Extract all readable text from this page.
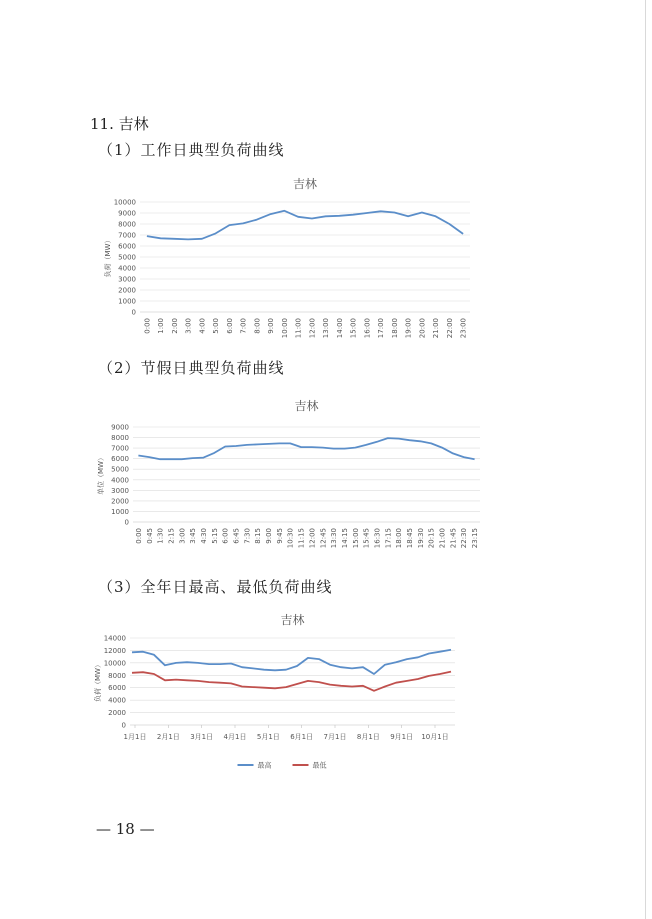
11. 吉林
（1）工作日典型负荷曲线
吉林
0
1000
2000
3000
4000
5000
6000
7000
8000
9000
10000
负荷（MW）
0:00 1:00 2:00 3:00 4:00 5:00 6:00 7:00 8:00 9:00 10:00 11:00 12:00 13:00 14:00 15:00 16:00 17:00 18:00 19:00 20:00 21:00 22:00 23:00
（2）节假日典型负荷曲线
吉林
0
1000
2000
3000
4000
5000
6000
7000
8000
9000
单位（MW）
0:00 0:45 1:30 2:15 3:00 3:45 4:30 5:15 6:00 6:45 7:30 8:15 9:00 9:45 10:30 11:15 12:00 12:45 13:30 14:15 15:00 15:45 16:30 17:15 18:00 18:45 19:30 20:15 21:00 21:45 22:30 23:15
（3）全年日最高、最低负荷曲线
吉林
0
2000
4000
6000
8000
10000
12000
14000
负荷（MW）
1月1日 2月1日 3月1日 4月1日 5月1日 6月1日 7月1日 8月1日 9月1日 10月1日
最高	最低
— 18 —
